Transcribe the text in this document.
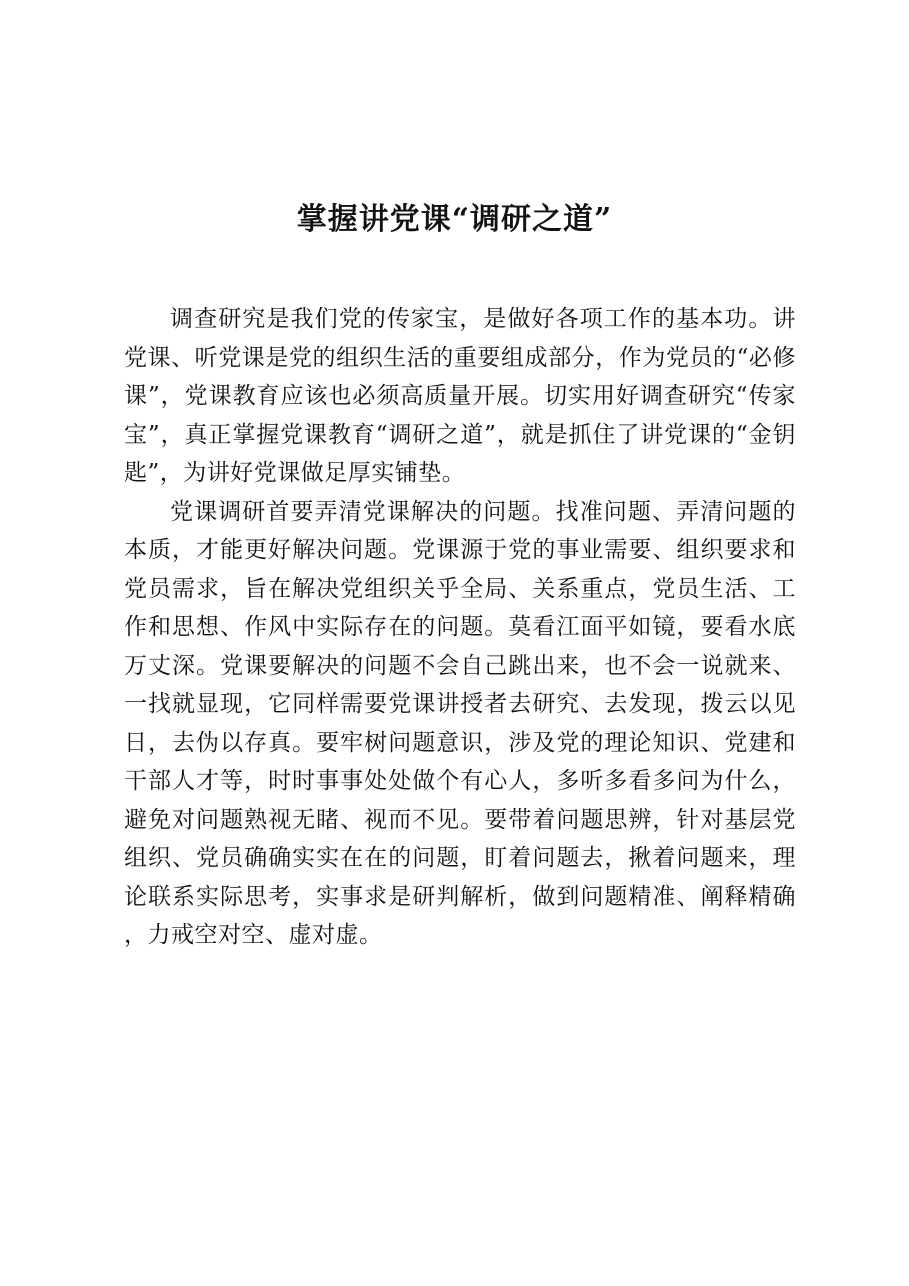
掌握讲党课“调研之道”

调查研究是我们党的传家宝，是做好各项工作的基本功。讲党课、听党课是党的组织生活的重要组成部分，作为党员的“必修课”，党课教育应该也必须高质量开展。切实用好调查研究“传家宝”，真正掌握党课教育“调研之道”，就是抓住了讲党课的“金钥匙”，为讲好党课做足厚实铺垫。

党课调研首要弄清党课解决的问题。找准问题、弄清问题的本质，才能更好解决问题。党课源于党的事业需要、组织要求和党员需求，旨在解决党组织关乎全局、关系重点，党员生活、工作和思想、作风中实际存在的问题。莫看江面平如镜，要看水底万丈深。党课要解决的问题不会自己跳出来，也不会一说就来、一找就显现，它同样需要党课讲授者去研究、去发现，拨云以见日，去伪以存真。要牢树问题意识，涉及党的理论知识、党建和干部人才等，时时事事处处做个有心人，多听多看多问为什么，避免对问题熟视无睹、视而不见。要带着问题思辨，针对基层党组织、党员确确实实在在的问题，盯着问题去，揪着问题来，理论联系实际思考，实事求是研判解析，做到问题精准、阐释精确，力戒空对空、虚对虚。
